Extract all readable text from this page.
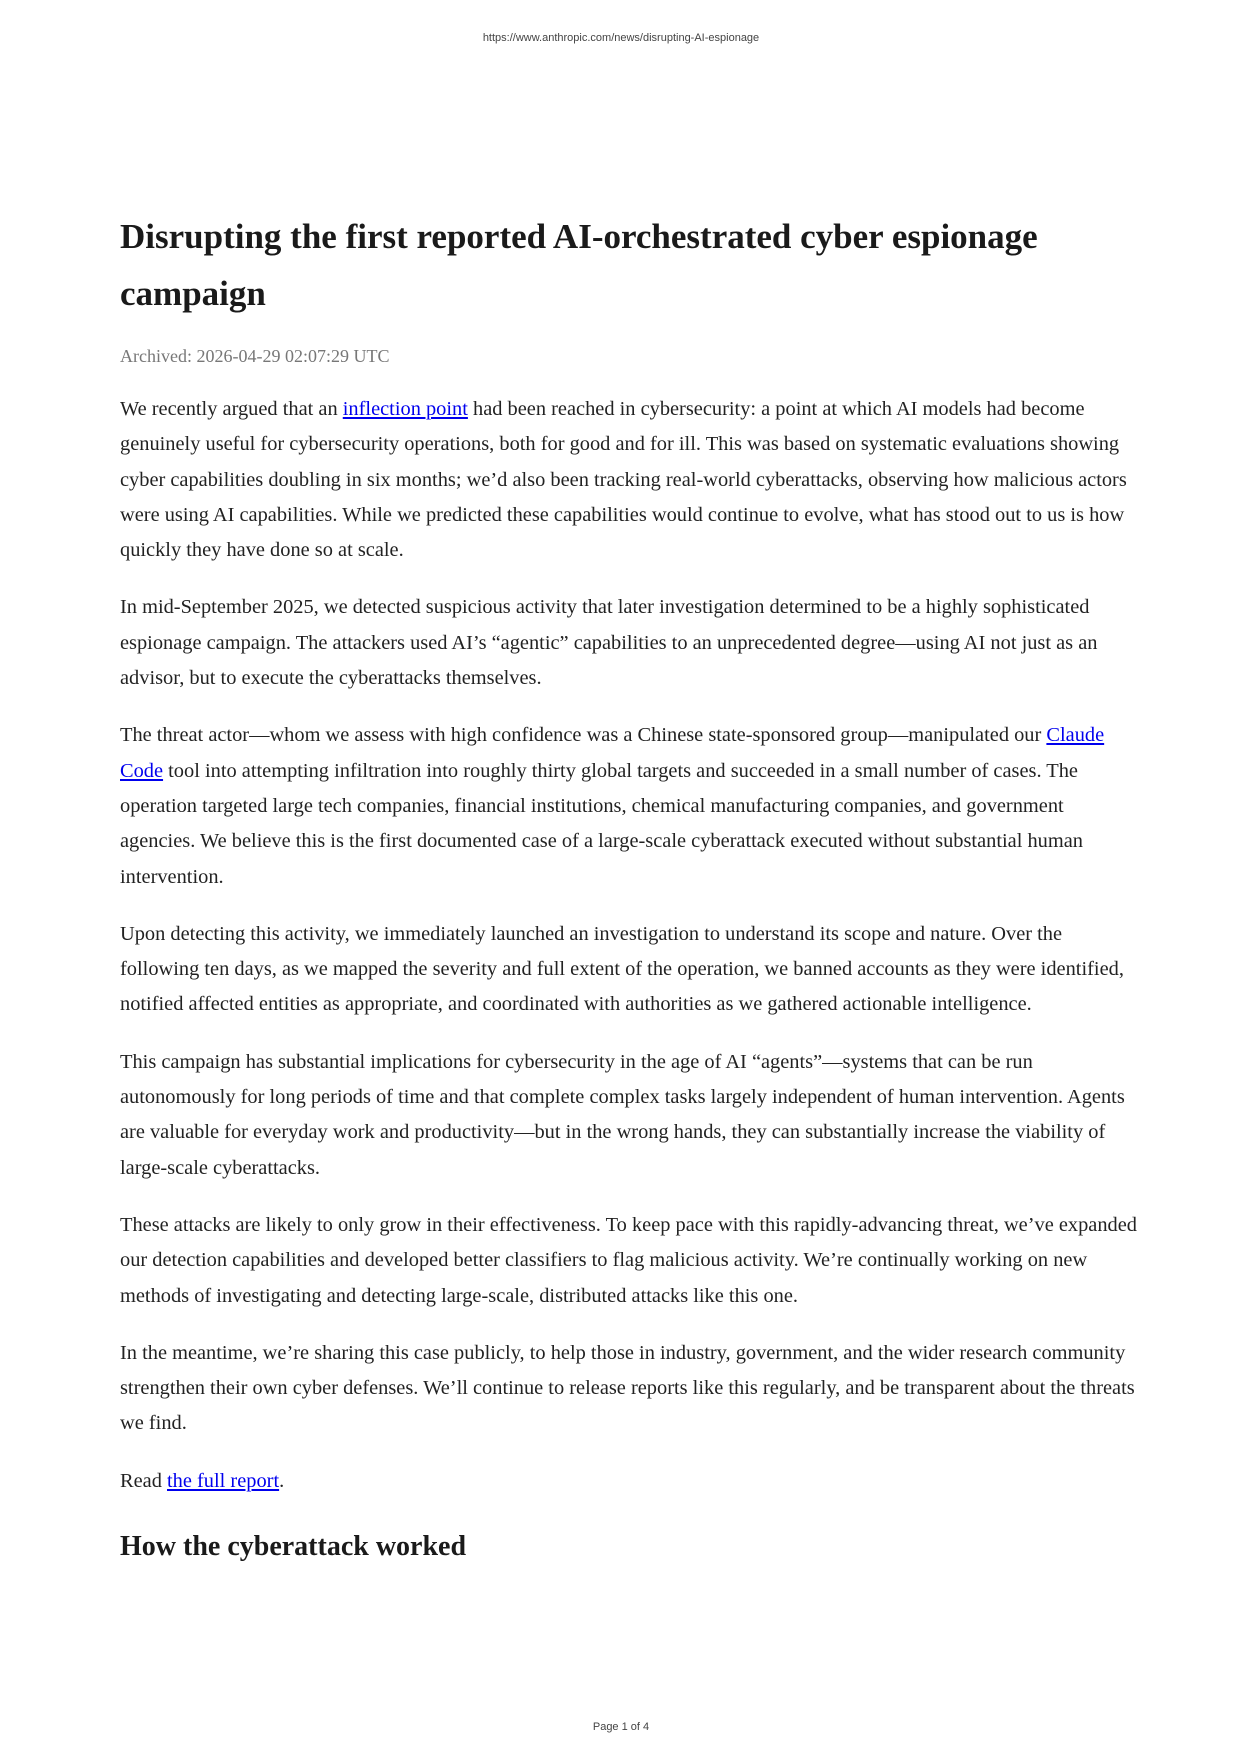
https://www.anthropic.com/news/disrupting-AI-espionage
Disrupting the first reported AI-orchestrated cyber espionage campaign
Archived: 2026-04-29 02:07:29 UTC

We recently argued that an inflection point had been reached in cybersecurity: a point at which AI models had become genuinely useful for cybersecurity operations, both for good and for ill. This was based on systematic evaluations showing cyber capabilities doubling in six months; we’d also been tracking real-world cyberattacks, observing how malicious actors were using AI capabilities. While we predicted these capabilities would continue to evolve, what has stood out to us is how quickly they have done so at scale.

In mid-September 2025, we detected suspicious activity that later investigation determined to be a highly sophisticated espionage campaign. The attackers used AI’s “agentic” capabilities to an unprecedented degree—using AI not just as an advisor, but to execute the cyberattacks themselves.

The threat actor—whom we assess with high confidence was a Chinese state-sponsored group—manipulated our Claude Code tool into attempting infiltration into roughly thirty global targets and succeeded in a small number of cases. The operation targeted large tech companies, financial institutions, chemical manufacturing companies, and government agencies. We believe this is the first documented case of a large-scale cyberattack executed without substantial human intervention.

Upon detecting this activity, we immediately launched an investigation to understand its scope and nature. Over the following ten days, as we mapped the severity and full extent of the operation, we banned accounts as they were identified, notified affected entities as appropriate, and coordinated with authorities as we gathered actionable intelligence.

This campaign has substantial implications for cybersecurity in the age of AI “agents”—systems that can be run autonomously for long periods of time and that complete complex tasks largely independent of human intervention. Agents are valuable for everyday work and productivity—but in the wrong hands, they can substantially increase the viability of large-scale cyberattacks.

These attacks are likely to only grow in their effectiveness. To keep pace with this rapidly-advancing threat, we’ve expanded our detection capabilities and developed better classifiers to flag malicious activity. We’re continually working on new methods of investigating and detecting large-scale, distributed attacks like this one.

In the meantime, we’re sharing this case publicly, to help those in industry, government, and the wider research community strengthen their own cyber defenses. We’ll continue to release reports like this regularly, and be transparent about the threats we find.

Read the full report.

How the cyberattack worked
Page 1 of 4
